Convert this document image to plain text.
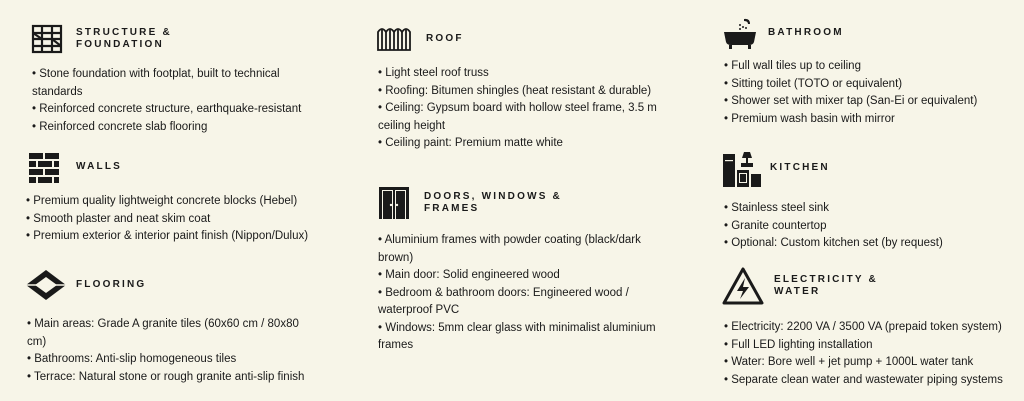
STRUCTURE &
FOUNDATION
• Stone foundation with footplat, built to technical standards
• Reinforced concrete structure, earthquake-resistant
• Reinforced concrete slab flooring
WALLS
• Premium quality lightweight concrete blocks (Hebel)
• Smooth plaster and neat skim coat
• Premium exterior & interior paint finish (Nippon/Dulux)
FLOORING
• Main areas: Grade A granite tiles (60x60 cm / 80x80 cm)
• Bathrooms: Anti-slip homogeneous tiles
• Terrace: Natural stone or rough granite anti-slip finish
ROOF
• Light steel roof truss
• Roofing: Bitumen shingles (heat resistant & durable)
• Ceiling: Gypsum board with hollow steel frame, 3.5 m ceiling height
• Ceiling paint: Premium matte white
DOORS, WINDOWS &
FRAMES
• Aluminium frames with powder coating (black/dark brown)
• Main door: Solid engineered wood
• Bedroom & bathroom doors: Engineered wood / waterproof PVC
• Windows: 5mm clear glass with minimalist aluminium frames
BATHROOM
• Full wall tiles up to ceiling
• Sitting toilet (TOTO or equivalent)
• Shower set with mixer tap (San-Ei or equivalent)
• Premium wash basin with mirror
KITCHEN
• Stainless steel sink
• Granite countertop
• Optional: Custom kitchen set (by request)
ELECTRICITY &
WATER
• Electricity: 2200 VA / 3500 VA (prepaid token system)
• Full LED lighting installation
• Water: Bore well + jet pump + 1000L water tank
• Separate clean water and wastewater piping systems
